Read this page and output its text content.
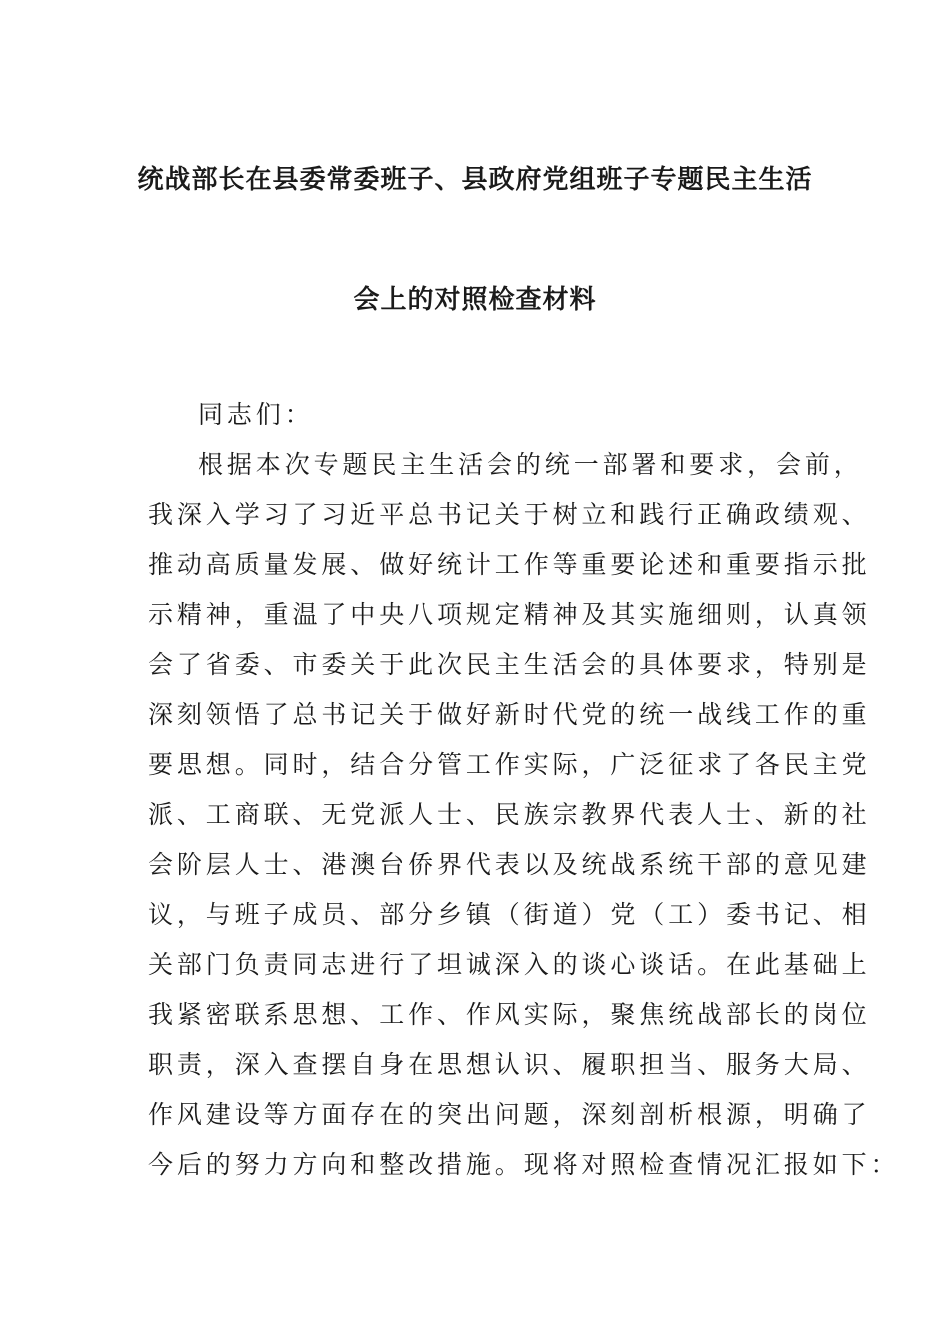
统战部长在县委常委班子、县政府党组班子专题民主生活
会上的对照检查材料
同志们：
根据本次专题民主生活会的统一部署和要求，会前，
我深入学习了习近平总书记关于树立和践行正确政绩观、
推动高质量发展、做好统计工作等重要论述和重要指示批
示精神，重温了中央八项规定精神及其实施细则，认真领
会了省委、市委关于此次民主生活会的具体要求，特别是
深刻领悟了总书记关于做好新时代党的统一战线工作的重
要思想。同时，结合分管工作实际，广泛征求了各民主党
派、工商联、无党派人士、民族宗教界代表人士、新的社
会阶层人士、港澳台侨界代表以及统战系统干部的意见建
议，与班子成员、部分乡镇（街道）党（工）委书记、相
关部门负责同志进行了坦诚深入的谈心谈话。在此基础上
我紧密联系思想、工作、作风实际，聚焦统战部长的岗位
职责，深入查摆自身在思想认识、履职担当、服务大局、
作风建设等方面存在的突出问题，深刻剖析根源，明确了
今后的努力方向和整改措施。现将对照检查情况汇报如下：
